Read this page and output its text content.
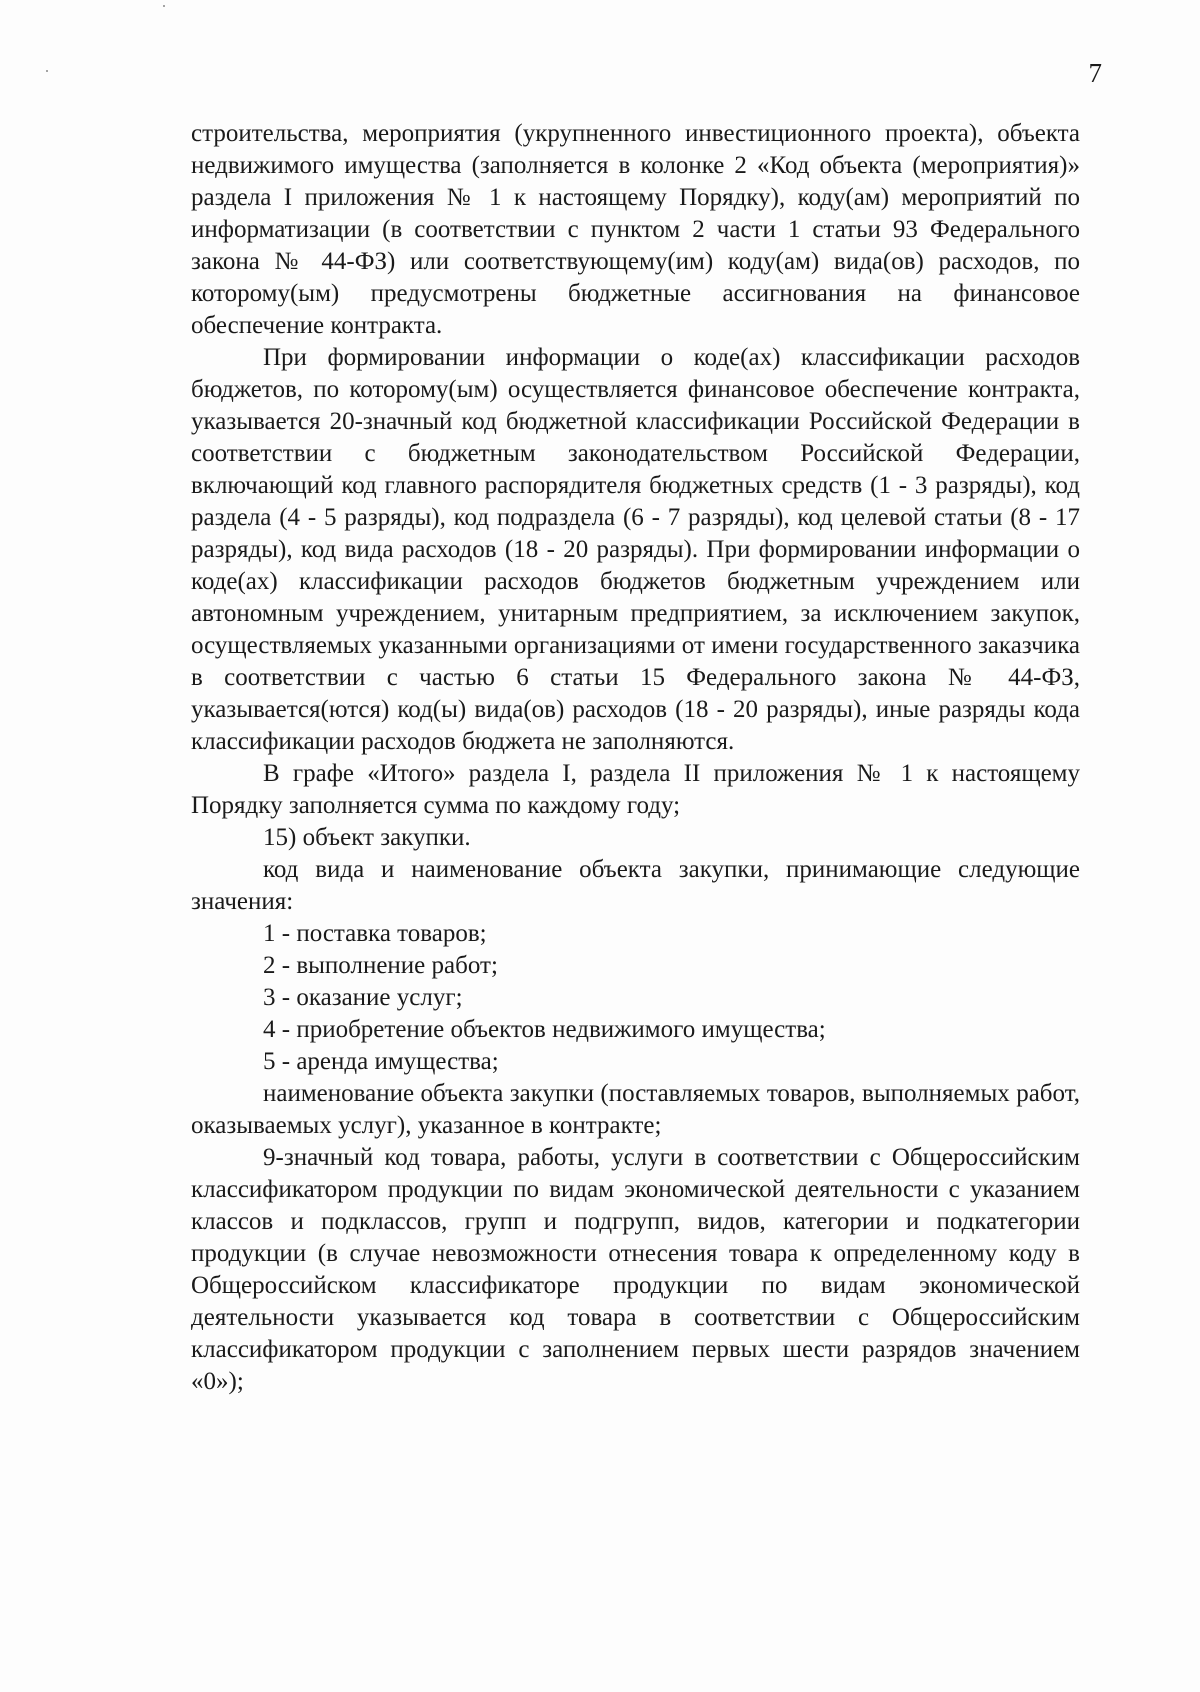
7

строительства, мероприятия (укрупненного инвестиционного проекта), объекта недвижимого имущества (заполняется в колонке 2 «Код объекта (мероприятия)» раздела I приложения № 1 к настоящему Порядку), коду(ам) мероприятий по информатизации (в соответствии с пунктом 2 части 1 статьи 93 Федерального закона № 44-ФЗ) или соответствующему(им) коду(ам) вида(ов) расходов, по которому(ым) предусмотрены бюджетные ассигнования на финансовое обеспечение контракта.

При формировании информации о коде(ах) классификации расходов бюджетов, по которому(ым) осуществляется финансовое обеспечение контракта, указывается 20-значный код бюджетной классификации Российской Федерации в соответствии с бюджетным законодательством Российской Федерации, включающий код главного распорядителя бюджетных средств (1 - 3 разряды), код раздела (4 - 5 разряды), код подраздела (6 - 7 разряды), код целевой статьи (8 - 17 разряды), код вида расходов (18 - 20 разряды). При формировании информации о коде(ах) классификации расходов бюджетов бюджетным учреждением или автономным учреждением, унитарным предприятием, за исключением закупок, осуществляемых указанными организациями от имени государственного заказчика в соответствии с частью 6 статьи 15 Федерального закона № 44-ФЗ, указывается(ются) код(ы) вида(ов) расходов (18 - 20 разряды), иные разряды кода классификации расходов бюджета не заполняются.

В графе «Итого» раздела I, раздела II приложения № 1 к настоящему Порядку заполняется сумма по каждому году;

15) объект закупки.

код вида и наименование объекта закупки, принимающие следующие значения:

1 - поставка товаров;

2 - выполнение работ;

3 - оказание услуг;

4 - приобретение объектов недвижимого имущества;

5 - аренда имущества;

наименование объекта закупки (поставляемых товаров, выполняемых работ, оказываемых услуг), указанное в контракте;

9-значный код товара, работы, услуги в соответствии с Общероссийским классификатором продукции по видам экономической деятельности с указанием классов и подклассов, групп и подгрупп, видов, категории и подкатегории продукции (в случае невозможности отнесения товара к определенному коду в Общероссийском классификаторе продукции по видам экономической деятельности указывается код товара в соответствии с Общероссийским классификатором продукции с заполнением первых шести разрядов значением «0»);
